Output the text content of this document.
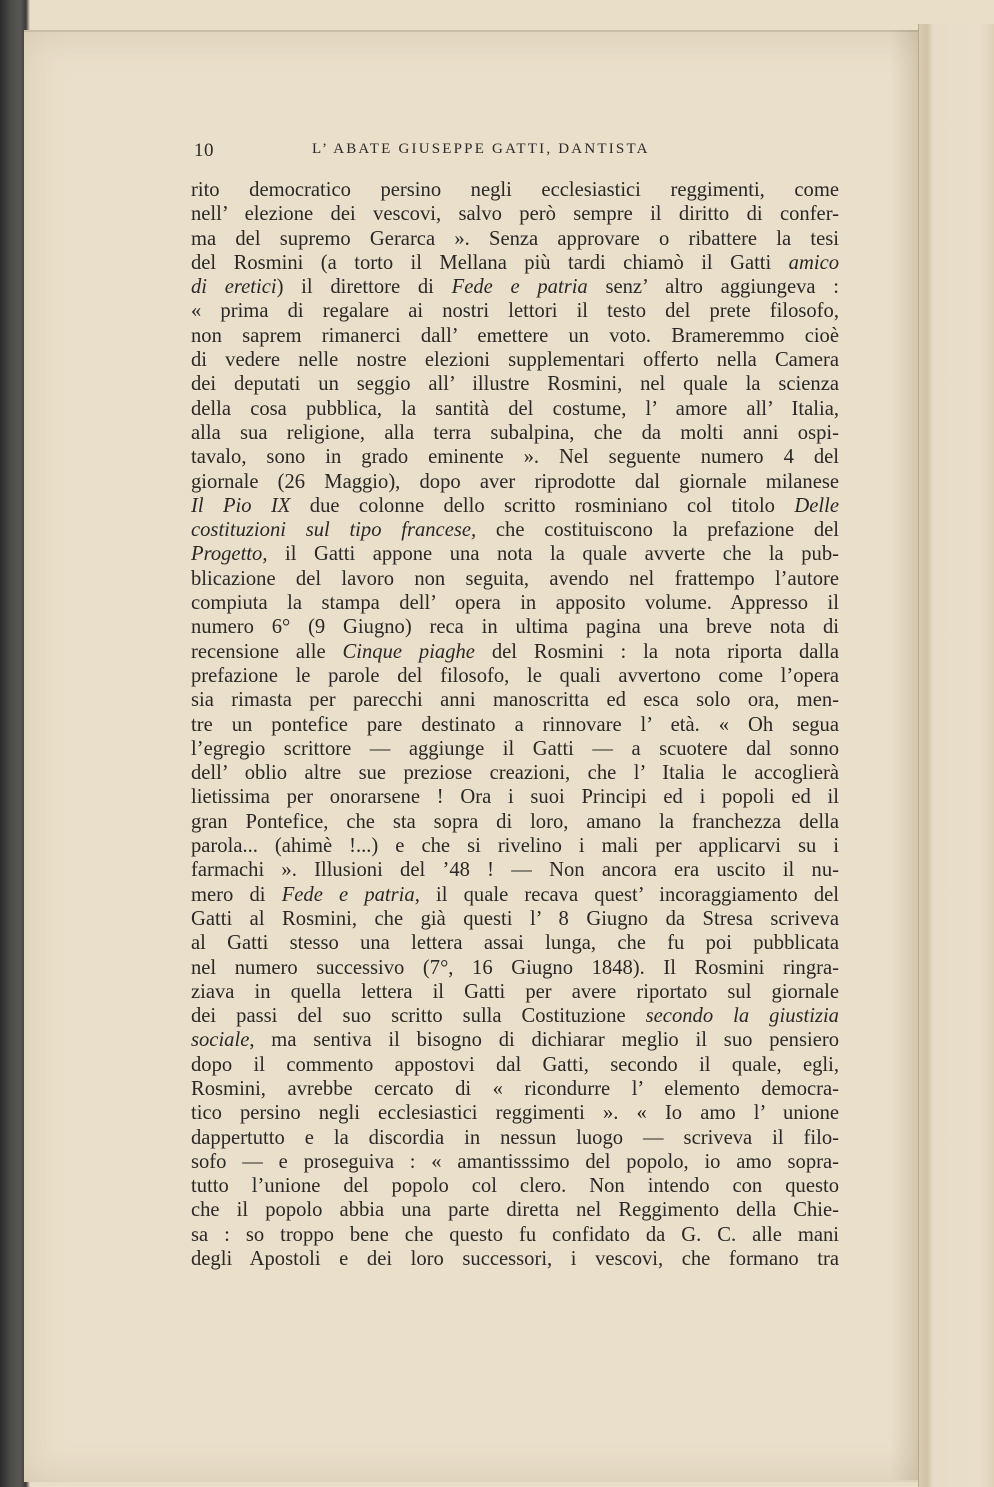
10	L’ ABATE GIUSEPPE GATTI, DANTISTA
rito democratico persino negli ecclesiastici reggimenti, come
nell’ elezione dei vescovi, salvo però sempre il diritto di confer-
ma del supremo Gerarca ». Senza approvare o ribattere la tesi
del Rosmini (a torto il Mellana più tardi chiamò il Gatti amico
di eretici) il direttore di Fede e patria senz’ altro aggiungeva :
« prima di regalare ai nostri lettori il testo del prete filosofo,
non saprem rimanerci dall’ emettere un voto. Brameremmo cioè
di vedere nelle nostre elezioni supplementari offerto nella Camera
dei deputati un seggio all’ illustre Rosmini, nel quale la scienza
della cosa pubblica, la santità del costume, l’ amore all’ Italia,
alla sua religione, alla terra subalpina, che da molti anni ospi-
tavalo, sono in grado eminente ». Nel seguente numero 4 del
giornale (26 Maggio), dopo aver riprodotte dal giornale milanese
Il Pio IX due colonne dello scritto rosminiano col titolo Delle
costituzioni sul tipo francese, che costituiscono la prefazione del
Progetto, il Gatti appone una nota la quale avverte che la pub-
blicazione del lavoro non seguita, avendo nel frattempo l’autore
compiuta la stampa dell’ opera in apposito volume. Appresso il
numero 6° (9 Giugno) reca in ultima pagina una breve nota di
recensione alle Cinque piaghe del Rosmini : la nota riporta dalla
prefazione le parole del filosofo, le quali avvertono come l’opera
sia rimasta per parecchi anni manoscritta ed esca solo ora, men-
tre un pontefice pare destinato a rinnovare l’ età. « Oh segua
l’egregio scrittore — aggiunge il Gatti — a scuotere dal sonno
dell’ oblio altre sue preziose creazioni, che l’ Italia le accoglierà
lietissima per onorarsene ! Ora i suoi Principi ed i popoli ed il
gran Pontefice, che sta sopra di loro, amano la franchezza della
parola... (ahimè !...) e che si rivelino i mali per applicarvi su i
farmachi ». Illusioni del ’48 ! — Non ancora era uscito il nu-
mero di Fede e patria, il quale recava quest’ incoraggiamento del
Gatti al Rosmini, che già questi l’ 8 Giugno da Stresa scriveva
al Gatti stesso una lettera assai lunga, che fu poi pubblicata
nel numero successivo (7°, 16 Giugno 1848). Il Rosmini ringra-
ziava in quella lettera il Gatti per avere riportato sul giornale
dei passi del suo scritto sulla Costituzione secondo la giustizia
sociale, ma sentiva il bisogno di dichiarar meglio il suo pensiero
dopo il commento appostovi dal Gatti, secondo il quale, egli,
Rosmini, avrebbe cercato di « ricondurre l’ elemento democra-
tico persino negli ecclesiastici reggimenti ». « Io amo l’ unione
dappertutto e la discordia in nessun luogo — scriveva il filo-
sofo — e proseguiva : « amantisssimo del popolo, io amo sopra-
tutto l’unione del popolo col clero. Non intendo con questo
che il popolo abbia una parte diretta nel Reggimento della Chie-
sa : so troppo bene che questo fu confidato da G. C. alle mani
degli Apostoli e dei loro successori, i vescovi, che formano tra
